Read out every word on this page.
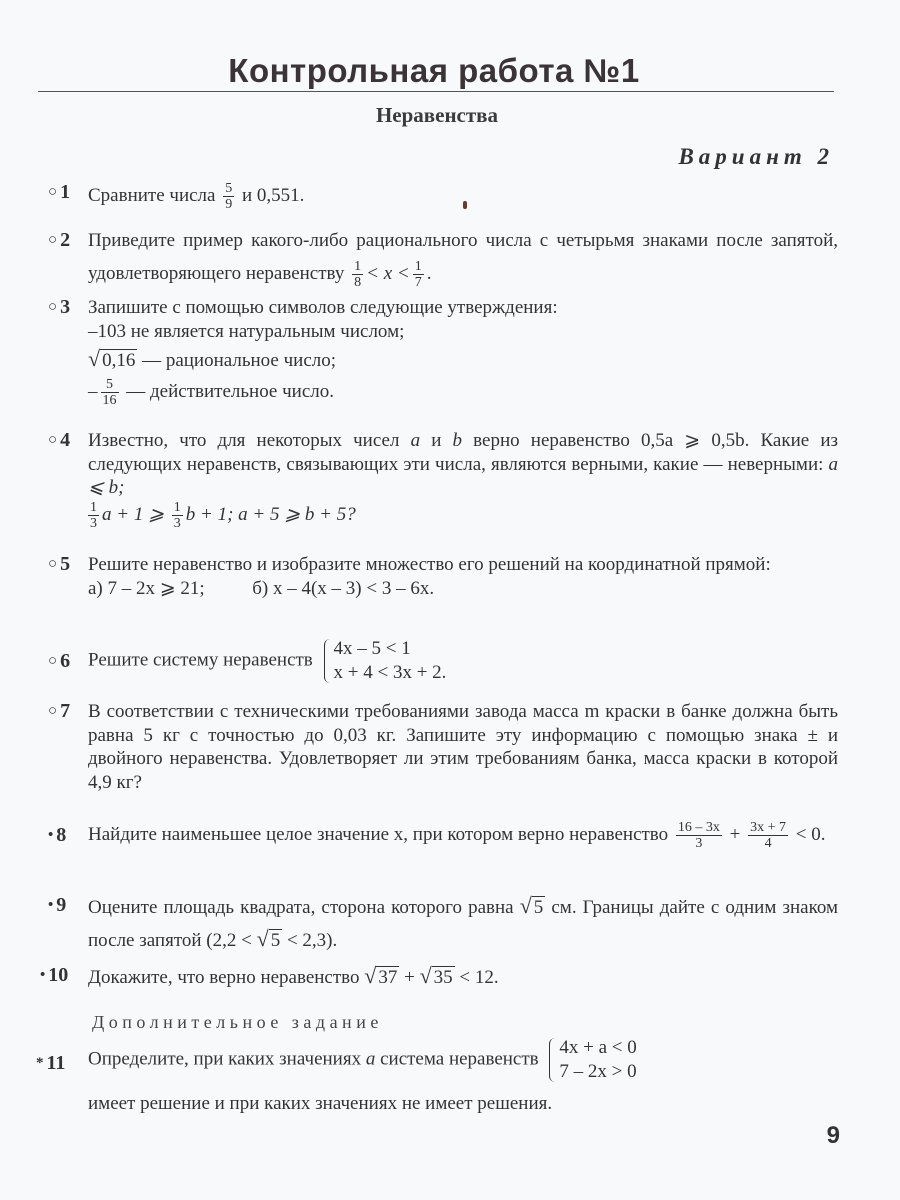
Контрольная работа №1
Неравенства
Вариант 2
○ 1 Сравните числа $\frac{5}{9}$ и 0,551.
○ 2 Приведите пример какого-либо рационального числа с четырьмя знаками после запятой, удовлетворяющего неравенству $\frac{1}{8} < x < \frac{1}{7}$ .
○ 3 Запишите с помощью символов следующие утверждения:
–103 не является натуральным числом;
√ 0,16 — рациональное число;
– $\frac{5}{16}$ — действительное число.
○ 4 Известно, что для некоторых чисел a и b верно неравенство 0,5a ⩾ 0,5b. Какие из следующих неравенств, связывающих эти числа, являются верными, какие — неверными: a ⩽ b;

$\frac{1}{3}$ a + 1 ⩾ $\frac{1}{3}$ b + 1; a + 5 ⩾ b + 5?
○ 5 Решите неравенство и изобразите множество его решений на координатной прямой:
а) 7 – 2x ⩾ 21;	б) x – 4(x – 3) < 3 – 6x.
○ 6 Решите систему неравенств
4x – 5 < 1
x + 4 < 3x + 2.
○ 7 В соответствии с техническими требованиями завода масса m краски в банке должна быть равна 5 кг с точностью до 0,03 кг. Запишите эту информацию с помощью знака ± и двойного неравенства. Удовлетворяет ли этим требованиям банка, масса краски в которой 4,9 кг?
• 8	Найдите наименьшее целое значение x, при котором верно неравенство $\frac{16 - 3x}{3} + \frac{3x + 7}{4} < 0$.
• 9	Оцените площадь квадрата, сторона которого равна √ 5 см. Границы дайте с одним знаком после запятой (2,2 < √ 5 < 2,3).
• 10	Докажите, что верно неравенство √ 37 + √ 35 < 12.
Дополнительное задание
* 11	Определите, при каких значениях a система неравенств
4x + a < 0
7 – 2x > 0
имеет решение и при каких значениях не имеет решения.
9
